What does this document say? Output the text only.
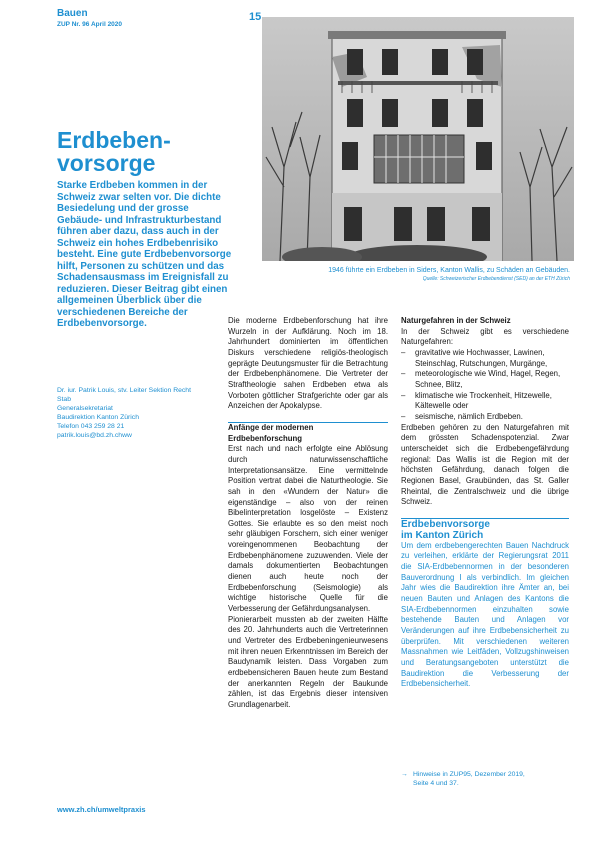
Bauen
ZUP Nr. 96 April 2020
15
1946 führte ein Erdbeben in Siders, Kanton Wallis, zu Schäden an Gebäuden.
Quelle: Schweizerischer Erdbebendienst (SED) an der ETH Zürich
Erdbeben-
vorsorge
Starke Erdbeben kommen in der Schweiz zwar selten vor. Die dichte Besiedelung und der grosse Gebäude- und Infrastrukturbestand führen aber dazu, dass auch in der Schweiz ein hohes Erdbebenrisiko besteht. Eine gute Erdbebenvorsorge hilft, Personen zu schützen und das Schadensausmass im Ereignisfall zu reduzieren. Dieser Beitrag gibt einen allgemeinen Überblick über die verschiedenen Bereiche der Erdbebenvorsorge.
Dr. iur. Patrik Louis, stv. Leiter Sektion Recht
Stab
Generalsekretariat
Baudirektion Kanton Zürich
Telefon 043 259 28 21
patrik.louis@bd.zh.chww

Die moderne Erdbebenforschung hat ihre Wurzeln in der Aufklärung. Noch im 18. Jahrhundert dominierten im öffentlichen Diskurs verschiedene religiös-theologisch geprägte Deutungsmuster für die Betrachtung der Erdbebenphänomene. Die Vertreter der Straftheologie sahen Erdbeben etwa als Vorboten göttlicher Strafgerichte oder gar als Anzeichen der Apokalypse.

Anfänge der modernen

Erdbebenforschung

Erst nach und nach erfolgte eine Ablösung durch naturwissenschaftliche Interpretationsansätze. Eine vermittelnde Position vertrat dabei die Naturtheologie. Sie sah in den «Wundern der Natur» die eigenständige – also von der reinen Bibelinterpretation losgelöste – Existenz Gottes. Sie erlaubte es so den meist noch sehr gläubigen Forschern, sich einer weniger voreingenommenen Beobachtung der Erdbebenphänomene zuzuwenden. Viele der damals dokumentierten Beobachtungen dienen auch heute noch der Erdbebenforschung (Seismologie) als wichtige historische Quelle für die Verbesserung der Gefährdungsanalysen.

Pionierarbeit mussten ab der zweiten Hälfte des 20. Jahrhunderts auch die Vertreterinnen und Vertreter des Erdbebeningenieurwesens mit ihren neuen Erkenntnissen im Bereich der Baudynamik leisten. Dass Vorgaben zum erdbebensicheren Bauen heute zum Bestand der anerkannten Regeln der Baukunde zählen, ist das Ergebnis dieser intensiven Grundlagenarbeit.

Naturgefahren in der Schweiz

In der Schweiz gibt es verschiedene Naturgefahren:

– gravitative wie Hochwasser, Lawinen, Steinschlag, Rutschungen, Murgänge,
– meteorologische wie Wind, Hagel, Regen, Schnee, Blitz,
– klimatische wie Trockenheit, Hitzewelle, Kältewelle oder
– seismische, nämlich Erdbeben.

Erdbeben gehören zu den Naturgefahren mit dem grössten Schadenspotenzial. Zwar unterscheidet sich die Erdbebengefährdung regional: Das Wallis ist die Region mit der höchsten Gefährdung, danach folgen die Regionen Basel, Graubünden, das St. Galler Rheintal, die Zentralschweiz und die übrige Schweiz.

Erdbebenvorsorge

im Kanton Zürich

Um dem erdbebengerechten Bauen Nachdruck zu verleihen, erklärte der Regierungsrat 2011 die SIA-Erdbebennormen in der besonderen Bauverordnung I als verbindlich. Im gleichen Jahr wies die Baudirektion ihre Ämter an, bei neuen Bauten und Anlagen des Kantons die SIA-Erdbebennormen einzuhalten sowie bestehende Bauten und Anlagen vor Veränderungen auf ihre Erdbebensicherheit zu überprüfen. Mit verschiedenen weiteren Massnahmen wie Leitfäden, Vollzugshinweisen und Beratungsangeboten unterstützt die Baudirektion die Verbesserung der Erdbebensicherheit.

→ Hinweise in ZUP95, Dezember 2019,
Seite 4 und 37.
www.zh.ch/umweltpraxis
